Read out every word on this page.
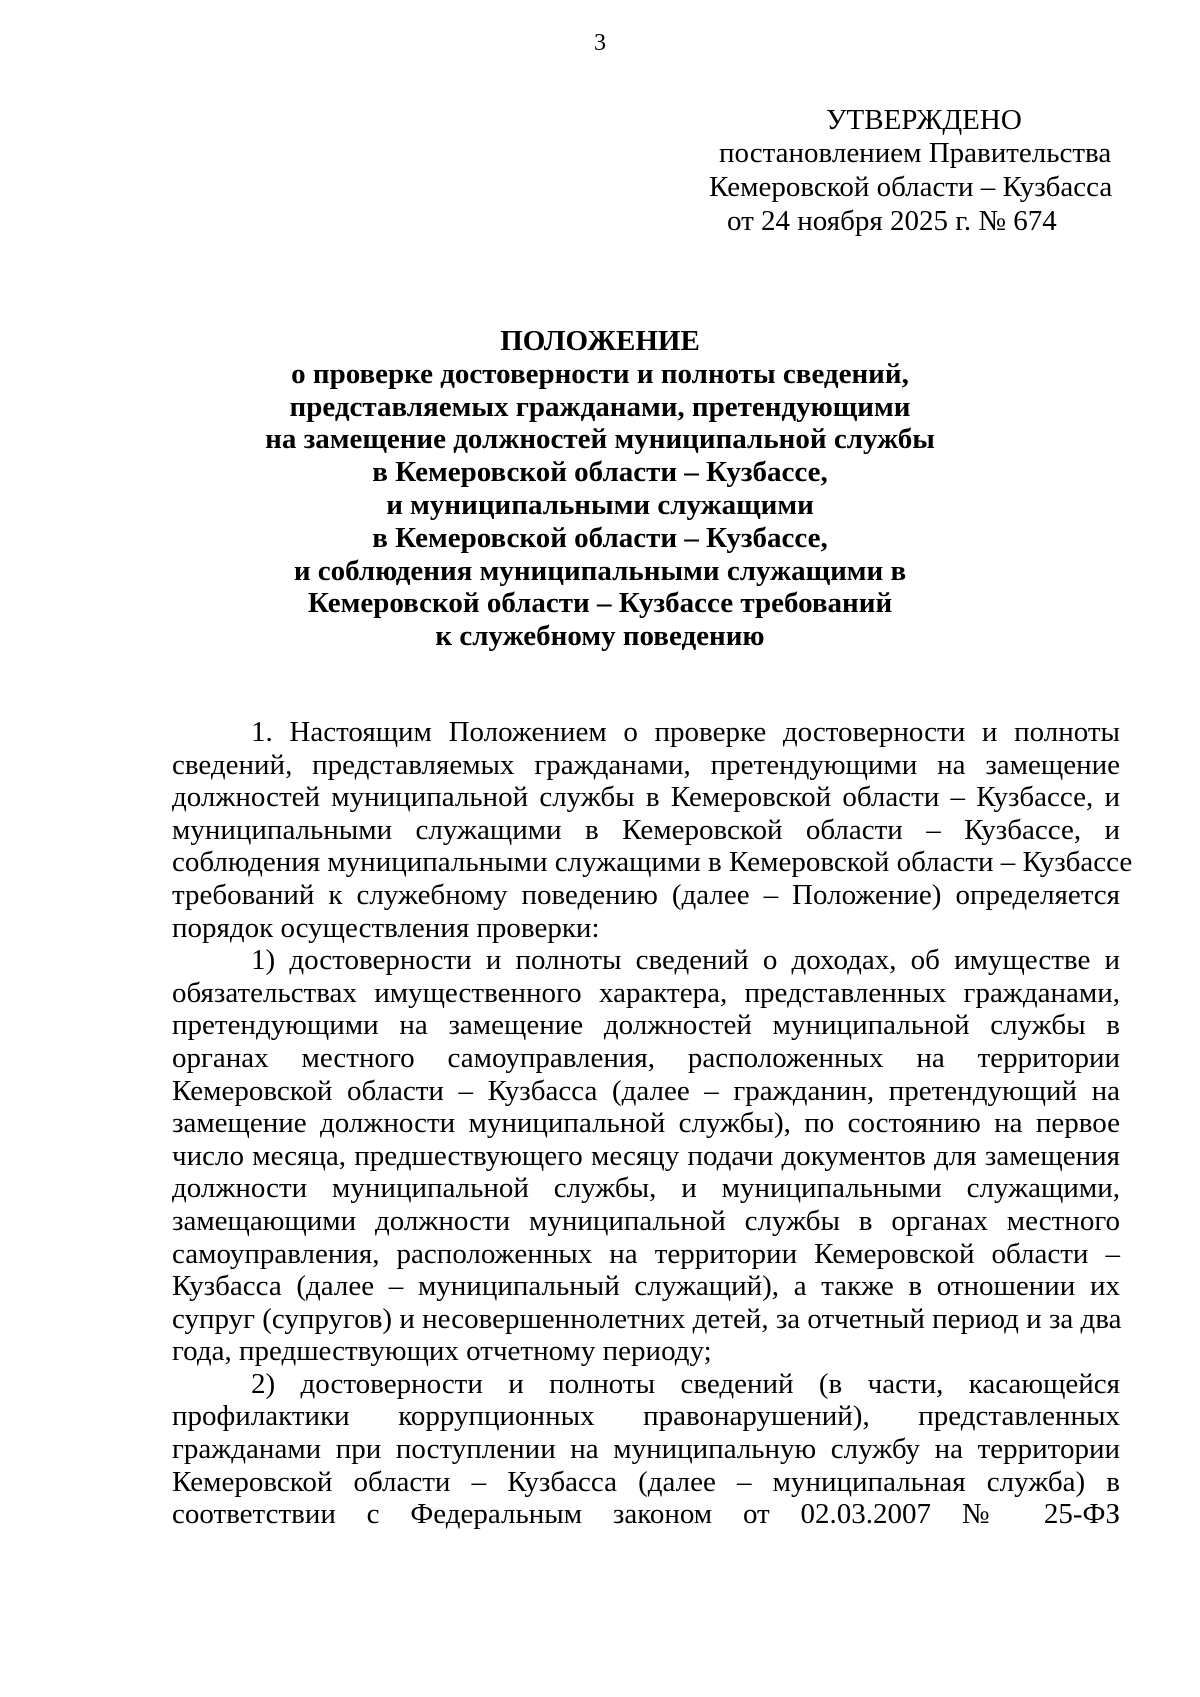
3
УТВЕРЖДЕНО
постановлением Правительства
Кемеровской области – Кузбасса
от 24 ноября 2025 г. № 674
ПОЛОЖЕНИЕ
о проверке достоверности и полноты сведений,
представляемых гражданами, претендующими
на замещение должностей муниципальной службы
в Кемеровской области – Кузбассе,
и муниципальными служащими
в Кемеровской области – Кузбассе,
и соблюдения муниципальными служащими в
Кемеровской области – Кузбассе требований
к служебному поведению
1. Настоящим Положением о проверке достоверности и полноты
сведений, представляемых гражданами, претендующими на замещение
должностей муниципальной службы в Кемеровской области – Кузбассе, и
муниципальными служащими в Кемеровской области – Кузбассе, и
соблюдения муниципальными служащими в Кемеровской области – Кузбассе
требований к служебному поведению (далее – Положение) определяется
порядок осуществления проверки:
1) достоверности и полноты сведений о доходах, об имуществе и
обязательствах имущественного характера, представленных гражданами,
претендующими на замещение должностей муниципальной службы в
органах местного самоуправления, расположенных на территории
Кемеровской области – Кузбасса (далее – гражданин, претендующий на
замещение должности муниципальной службы), по состоянию на первое
число месяца, предшествующего месяцу подачи документов для замещения
должности муниципальной службы, и муниципальными служащими,
замещающими должности муниципальной службы в органах местного
самоуправления, расположенных на территории Кемеровской области –
Кузбасса (далее – муниципальный служащий), а также в отношении их
супруг (супругов) и несовершеннолетних детей, за отчетный период и за два
года, предшествующих отчетному периоду;
2) достоверности и полноты сведений (в части, касающейся
профилактики коррупционных правонарушений), представленных
гражданами при поступлении на муниципальную службу на территории
Кемеровской области – Кузбасса (далее – муниципальная служба) в
соответствии с Федеральным законом от 02.03.2007 № 25-ФЗ
